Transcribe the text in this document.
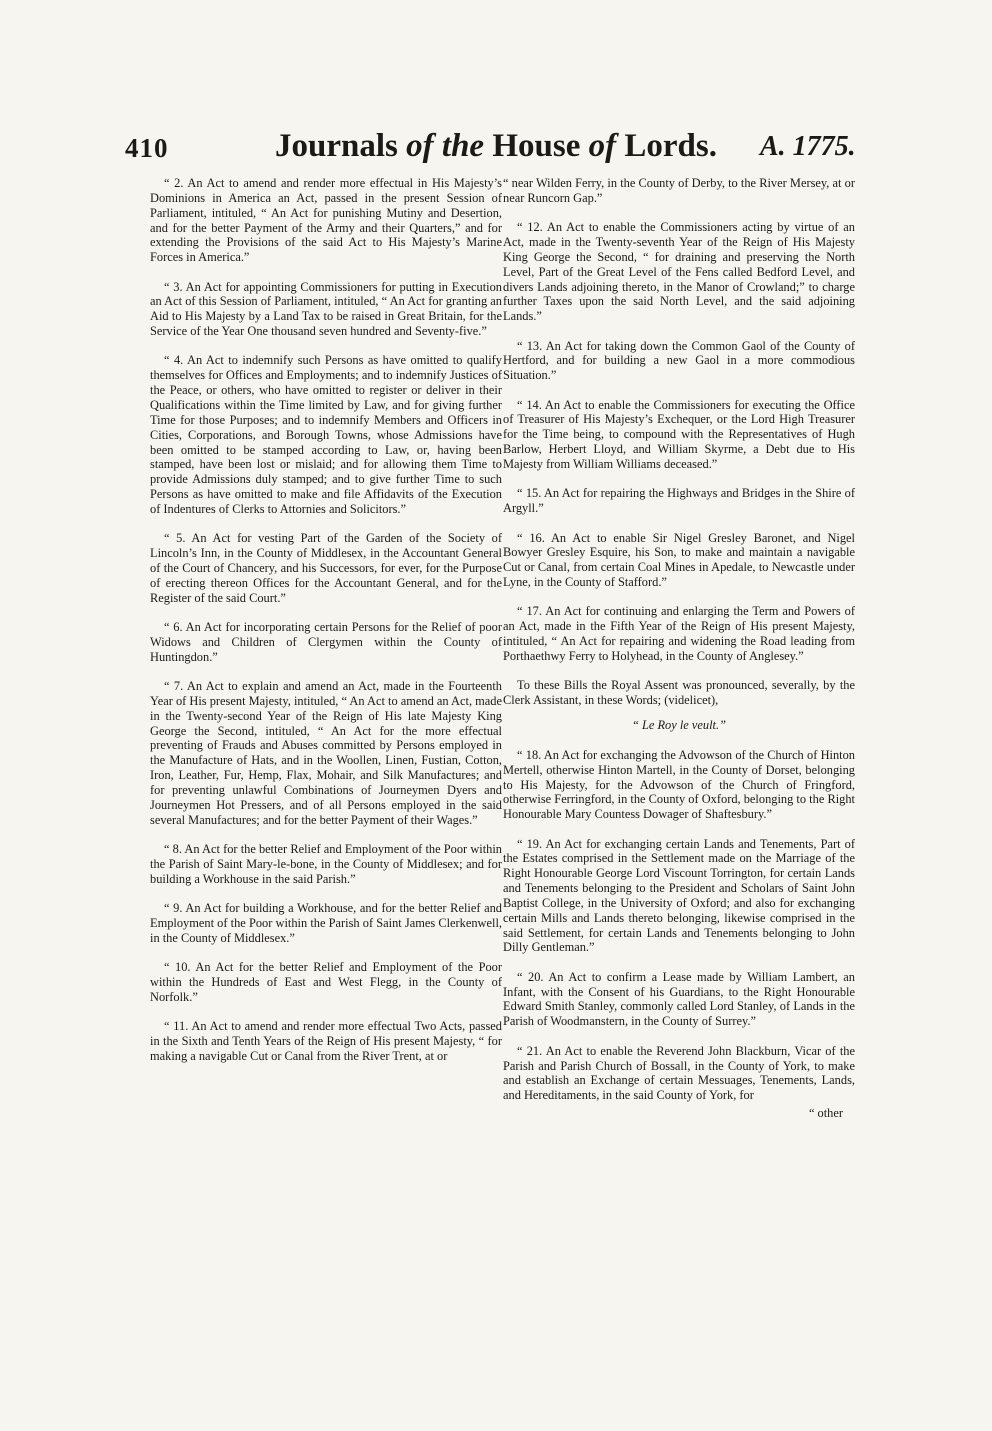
410	Journals of the House of Lords.	A. 1775.

“ 2. An Act to amend and render more effectual in His Majesty’s Dominions in America an Act, passed in the present Session of Parliament, intituled, “ An Act for punishing Mutiny and Desertion, and for the better Payment of the Army and their Quarters,” and for extending the Provisions of the said Act to His Majesty’s Marine Forces in America.”

“ 3. An Act for appointing Commissioners for putting in Execution an Act of this Session of Parliament, intituled, “ An Act for granting an Aid to His Majesty by a Land Tax to be raised in Great Britain, for the Service of the Year One thousand seven hundred and Seventy-five.”

“ 4. An Act to indemnify such Persons as have omitted to qualify themselves for Offices and Employments; and to indemnify Justices of the Peace, or others, who have omitted to register or deliver in their Qualifications within the Time limited by Law, and for giving further Time for those Purposes; and to indemnify Members and Officers in Cities, Corporations, and Borough Towns, whose Admissions have been omitted to be stamped according to Law, or, having been stamped, have been lost or mislaid; and for allowing them Time to provide Admissions duly stamped; and to give further Time to such Persons as have omitted to make and file Affidavits of the Execution of Indentures of Clerks to Attornies and Solicitors.”

“ 5. An Act for vesting Part of the Garden of the Society of Lincoln’s Inn, in the County of Middlesex, in the Accountant General of the Court of Chancery, and his Successors, for ever, for the Purpose of erecting thereon Offices for the Accountant General, and for the Register of the said Court.”

“ 6. An Act for incorporating certain Persons for the Relief of poor Widows and Children of Clergymen within the County of Huntingdon.”

“ 7. An Act to explain and amend an Act, made in the Fourteenth Year of His present Majesty, intituled, “ An Act to amend an Act, made in the Twenty-second Year of the Reign of His late Majesty King George the Second, intituled, “ An Act for the more effectual preventing of Frauds and Abuses committed by Persons employed in the Manufacture of Hats, and in the Woollen, Linen, Fustian, Cotton, Iron, Leather, Fur, Hemp, Flax, Mohair, and Silk Manufactures; and for preventing unlawful Combinations of Journeymen Dyers and Journeymen Hot Pressers, and of all Persons employed in the said several Manufactures; and for the better Payment of their Wages.”

“ 8. An Act for the better Relief and Employment of the Poor within the Parish of Saint Mary-le-bone, in the County of Middlesex; and for building a Workhouse in the said Parish.”

“ 9. An Act for building a Workhouse, and for the better Relief and Employment of the Poor within the Parish of Saint James Clerkenwell, in the County of Middlesex.”

“ 10. An Act for the better Relief and Employment of the Poor within the Hundreds of East and West Flegg, in the County of Norfolk.”

“ 11. An Act to amend and render more effectual Two Acts, passed in the Sixth and Tenth Years of the Reign of His present Majesty, “ for making a navigable Cut or Canal from the River Trent, at or

“ near Wilden Ferry, in the County of Derby, to the River Mersey, at or near Runcorn Gap.”

“ 12. An Act to enable the Commissioners acting by virtue of an Act, made in the Twenty-seventh Year of the Reign of His Majesty King George the Second, “ for draining and preserving the North Level, Part of the Great Level of the Fens called Bedford Level, and divers Lands adjoining thereto, in the Manor of Crowland;” to charge further Taxes upon the said North Level, and the said adjoining Lands.”

“ 13. An Act for taking down the Common Gaol of the County of Hertford, and for building a new Gaol in a more commodious Situation.”

“ 14. An Act to enable the Commissioners for executing the Office of Treasurer of His Majesty’s Exchequer, or the Lord High Treasurer for the Time being, to compound with the Representatives of Hugh Barlow, Herbert Lloyd, and William Skyrme, a Debt due to His Majesty from William Williams deceased.”

“ 15. An Act for repairing the Highways and Bridges in the Shire of Argyll.”

“ 16. An Act to enable Sir Nigel Gresley Baronet, and Nigel Bowyer Gresley Esquire, his Son, to make and maintain a navigable Cut or Canal, from certain Coal Mines in Apedale, to Newcastle under Lyne, in the County of Stafford.”

“ 17. An Act for continuing and enlarging the Term and Powers of an Act, made in the Fifth Year of the Reign of His present Majesty, intituled, “ An Act for repairing and widening the Road leading from Porthaethwy Ferry to Holyhead, in the County of Anglesey.”

To these Bills the Royal Assent was pronounced, severally, by the Clerk Assistant, in these Words; (videlicet),

“ Le Roy le veult.”

“ 18. An Act for exchanging the Advowson of the Church of Hinton Mertell, otherwise Hinton Martell, in the County of Dorset, belonging to His Majesty, for the Advowson of the Church of Fringford, otherwise Ferringford, in the County of Oxford, belonging to the Right Honourable Mary Countess Dowager of Shaftesbury.”

“ 19. An Act for exchanging certain Lands and Tenements, Part of the Estates comprised in the Settlement made on the Marriage of the Right Honourable George Lord Viscount Torrington, for certain Lands and Tenements belonging to the President and Scholars of Saint John Baptist College, in the University of Oxford; and also for exchanging certain Mills and Lands thereto belonging, likewise comprised in the said Settlement, for certain Lands and Tenements belonging to John Dilly Gentleman.”

“ 20. An Act to confirm a Lease made by William Lambert, an Infant, with the Consent of his Guardians, to the Right Honourable Edward Smith Stanley, commonly called Lord Stanley, of Lands in the Parish of Woodmanstern, in the County of Surrey.”

“ 21. An Act to enable the Reverend John Blackburn, Vicar of the Parish and Parish Church of Bossall, in the County of York, to make and establish an Exchange of certain Messuages, Tenements, Lands, and Hereditaments, in the said County of York, for

“ other
